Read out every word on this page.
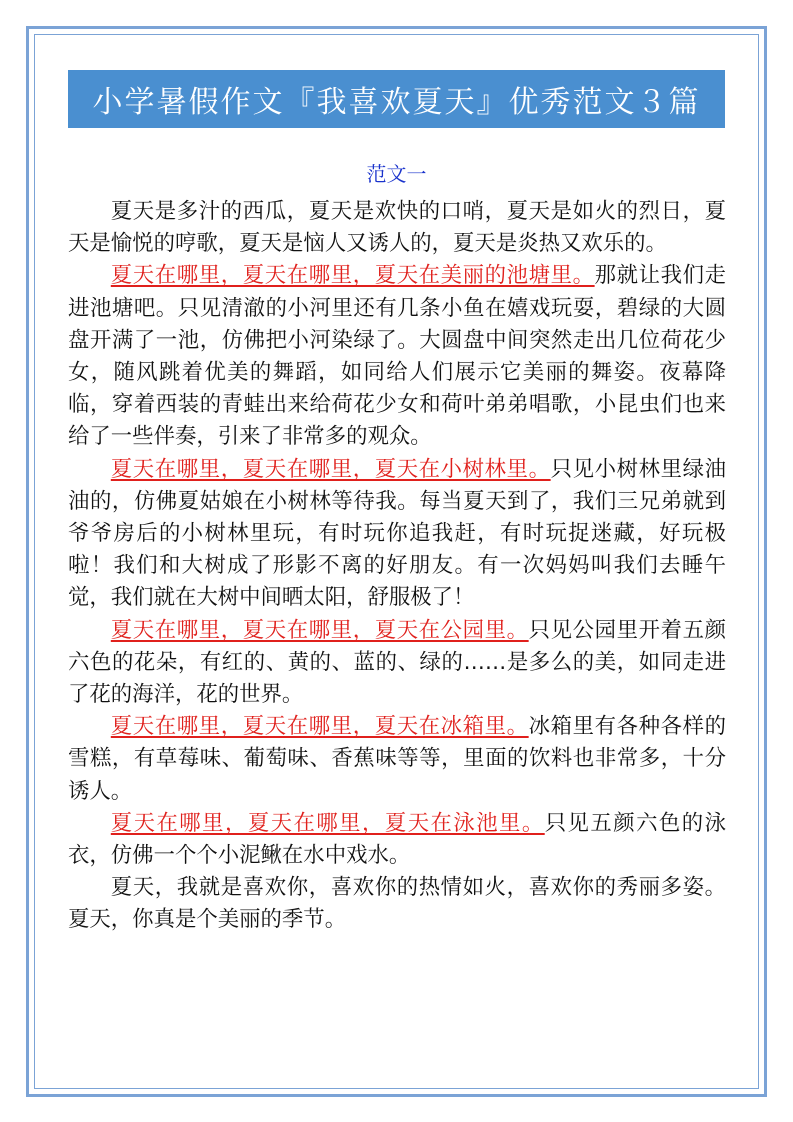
小学暑假作文『我喜欢夏天』优秀范文３篇
范文一

夏天是多汁的西瓜，夏天是欢快的口哨，夏天是如火的烈日，夏天是愉悦的哼歌，夏天是恼人又诱人的，夏天是炎热又欢乐的。

夏天在哪里，夏天在哪里，夏天在美丽的池塘里。那就让我们走进池塘吧。只见清澈的小河里还有几条小鱼在嬉戏玩耍，碧绿的大圆盘开满了一池，仿佛把小河染绿了。大圆盘中间突然走出几位荷花少女，随风跳着优美的舞蹈，如同给人们展示它美丽的舞姿。夜幕降临，穿着西装的青蛙出来给荷花少女和荷叶弟弟唱歌，小昆虫们也来给了一些伴奏，引来了非常多的观众。

夏天在哪里，夏天在哪里，夏天在小树林里。只见小树林里绿油油的，仿佛夏姑娘在小树林等待我。每当夏天到了，我们三兄弟就到爷爷房后的小树林里玩，有时玩你追我赶，有时玩捉迷藏，好玩极啦！我们和大树成了形影不离的好朋友。有一次妈妈叫我们去睡午觉，我们就在大树中间晒太阳，舒服极了！

夏天在哪里，夏天在哪里，夏天在公园里。只见公园里开着五颜六色的花朵，有红的、黄的、蓝的、绿的……是多么的美，如同走进了花的海洋，花的世界。

夏天在哪里，夏天在哪里，夏天在冰箱里。冰箱里有各种各样的雪糕，有草莓味、葡萄味、香蕉味等等，里面的饮料也非常多，十分诱人。

夏天在哪里，夏天在哪里，夏天在泳池里。只见五颜六色的泳衣，仿佛一个个小泥鳅在水中戏水。

夏天，我就是喜欢你，喜欢你的热情如火，喜欢你的秀丽多姿。夏天，你真是个美丽的季节。
